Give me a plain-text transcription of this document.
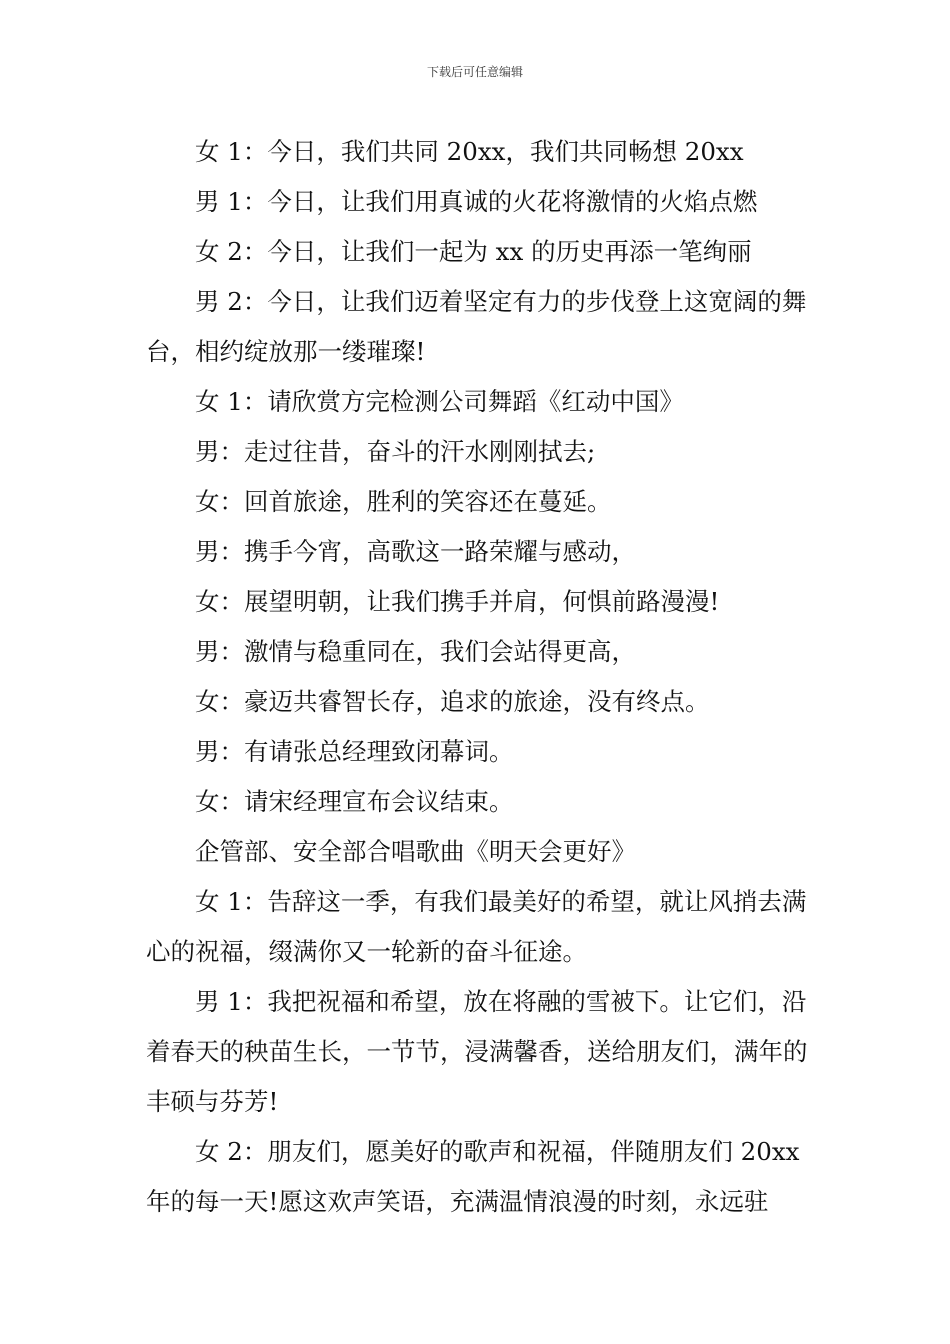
下载后可任意编辑

女 1：今日，我们共同 20xx，我们共同畅想 20xx

男 1：今日，让我们用真诚的火花将激情的火焰点燃

女 2：今日，让我们一起为 xx 的历史再添一笔绚丽

男 2：今日，让我们迈着坚定有力的步伐登上这宽阔的舞台，相约绽放那一缕璀璨!

女 1：请欣赏方完检测公司舞蹈《红动中国》

男：走过往昔，奋斗的汗水刚刚拭去;

女：回首旅途，胜利的笑容还在蔓延。

男：携手今宵，高歌这一路荣耀与感动，

女：展望明朝，让我们携手并肩，何惧前路漫漫!

男：激情与稳重同在，我们会站得更高，

女：豪迈共睿智长存，追求的旅途，没有终点。

男：有请张总经理致闭幕词。

女：请宋经理宣布会议结束。

企管部、安全部合唱歌曲《明天会更好》

女 1：告辞这一季，有我们最美好的希望，就让风捎去满心的祝福，缀满你又一轮新的奋斗征途。

男 1：我把祝福和希望，放在将融的雪被下。让它们，沿着春天的秧苗生长，一节节，浸满馨香，送给朋友们，满年的丰硕与芬芳!

女 2：朋友们，愿美好的歌声和祝福，伴随朋友们 20xx 年的每一天!愿这欢声笑语，充满温情浪漫的时刻，永远驻
